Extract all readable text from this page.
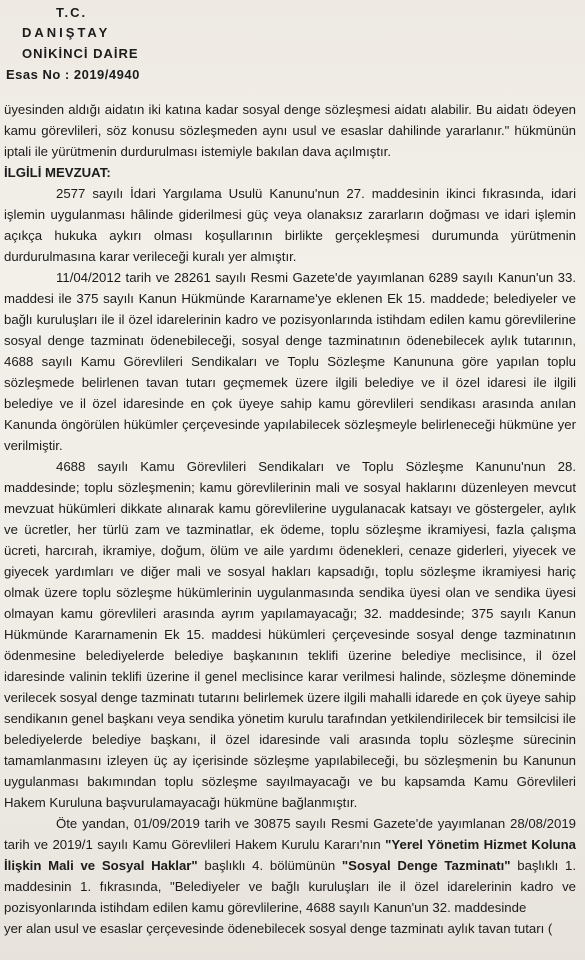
T.C.
DANIŞTAY
ONİKİNCİ DAİRE
Esas No : 2019/4940

üyesinden aldığı aidatın iki katına kadar sosyal denge sözleşmesi aidatı alabilir. Bu aidatı ödeyen kamu görevlileri, söz konusu sözleşmeden aynı usul ve esaslar dahilinde yararlanır." hükmünün iptali ile yürütmenin durdurulması istemiyle bakılan dava açılmıştır.

İLGİLİ MEVZUAT:

2577 sayılı İdari Yargılama Usulü Kanunu'nun 27. maddesinin ikinci fıkrasında, idari işlemin uygulanması hâlinde giderilmesi güç veya olanaksız zararların doğması ve idari işlemin açıkça hukuka aykırı olması koşullarının birlikte gerçekleşmesi durumunda yürütmenin durdurulmasına karar verileceği kuralı yer almıştır.

11/04/2012 tarih ve 28261 sayılı Resmi Gazete'de yayımlanan 6289 sayılı Kanun'un 33. maddesi ile 375 sayılı Kanun Hükmünde Kararname'ye eklenen Ek 15. maddede; belediyeler ve bağlı kuruluşları ile il özel idarelerinin kadro ve pozisyonlarında istihdam edilen kamu görevlilerine sosyal denge tazminatı ödenebileceği, sosyal denge tazminatının ödenebilecek aylık tutarının, 4688 sayılı Kamu Görevlileri Sendikaları ve Toplu Sözleşme Kanununa göre yapılan toplu sözleşmede belirlenen tavan tutarı geçmemek üzere ilgili belediye ve il özel idaresi ile ilgili belediye ve il özel idaresinde en çok üyeye sahip kamu görevlileri sendikası arasında anılan Kanunda öngörülen hükümler çerçevesinde yapılabilecek sözleşmeyle belirleneceği hükmüne yer verilmiştir.

4688 sayılı Kamu Görevlileri Sendikaları ve Toplu Sözleşme Kanunu'nun 28. maddesinde; toplu sözleşmenin; kamu görevlilerinin mali ve sosyal haklarını düzenleyen mevcut mevzuat hükümleri dikkate alınarak kamu görevlilerine uygulanacak katsayı ve göstergeler, aylık ve ücretler, her türlü zam ve tazminatlar, ek ödeme, toplu sözleşme ikramiyesi, fazla çalışma ücreti, harcırah, ikramiye, doğum, ölüm ve aile yardımı ödenekleri, cenaze giderleri, yiyecek ve giyecek yardımları ve diğer mali ve sosyal hakları kapsadığı, toplu sözleşme ikramiyesi hariç olmak üzere toplu sözleşme hükümlerinin uygulanmasında sendika üyesi olan ve sendika üyesi olmayan kamu görevlileri arasında ayrım yapılamayacağı; 32. maddesinde; 375 sayılı Kanun Hükmünde Kararnamenin Ek 15. maddesi hükümleri çerçevesinde sosyal denge tazminatının ödenmesine belediyelerde belediye başkanının teklifi üzerine belediye meclisince, il özel idaresinde valinin teklifi üzerine il genel meclisince karar verilmesi halinde, sözleşme döneminde verilecek sosyal denge tazminatı tutarını belirlemek üzere ilgili mahalli idarede en çok üyeye sahip sendikanın genel başkanı veya sendika yönetim kurulu tarafından yetkilendirilecek bir temsilcisi ile belediyelerde belediye başkanı, il özel idaresinde vali arasında toplu sözleşme sürecinin tamamlanmasını izleyen üç ay içerisinde sözleşme yapılabileceği, bu sözleşmenin bu Kanunun uygulanması bakımından toplu sözleşme sayılmayacağı ve bu kapsamda Kamu Görevlileri Hakem Kuruluna başvurulamayacağı hükmüne bağlanmıştır.

Öte yandan, 01/09/2019 tarih ve 30875 sayılı Resmi Gazete'de yayımlanan 28/08/2019 tarih ve 2019/1 sayılı Kamu Görevlileri Hakem Kurulu Kararı'nın "Yerel Yönetim Hizmet Koluna İlişkin Mali ve Sosyal Haklar" başlıklı 4. bölümünün "Sosyal Denge Tazminatı" başlıklı 1. maddesinin 1. fıkrasında, "Belediyeler ve bağlı kuruluşları ile il özel idarelerinin kadro ve pozisyonlarında istihdam edilen kamu görevlilerine, 4688 sayılı Kanun'un 32. maddesinde

yer alan usul ve esaslar çerçevesinde ödenebilecek sosyal denge tazminatı aylık tavan tutarı (
